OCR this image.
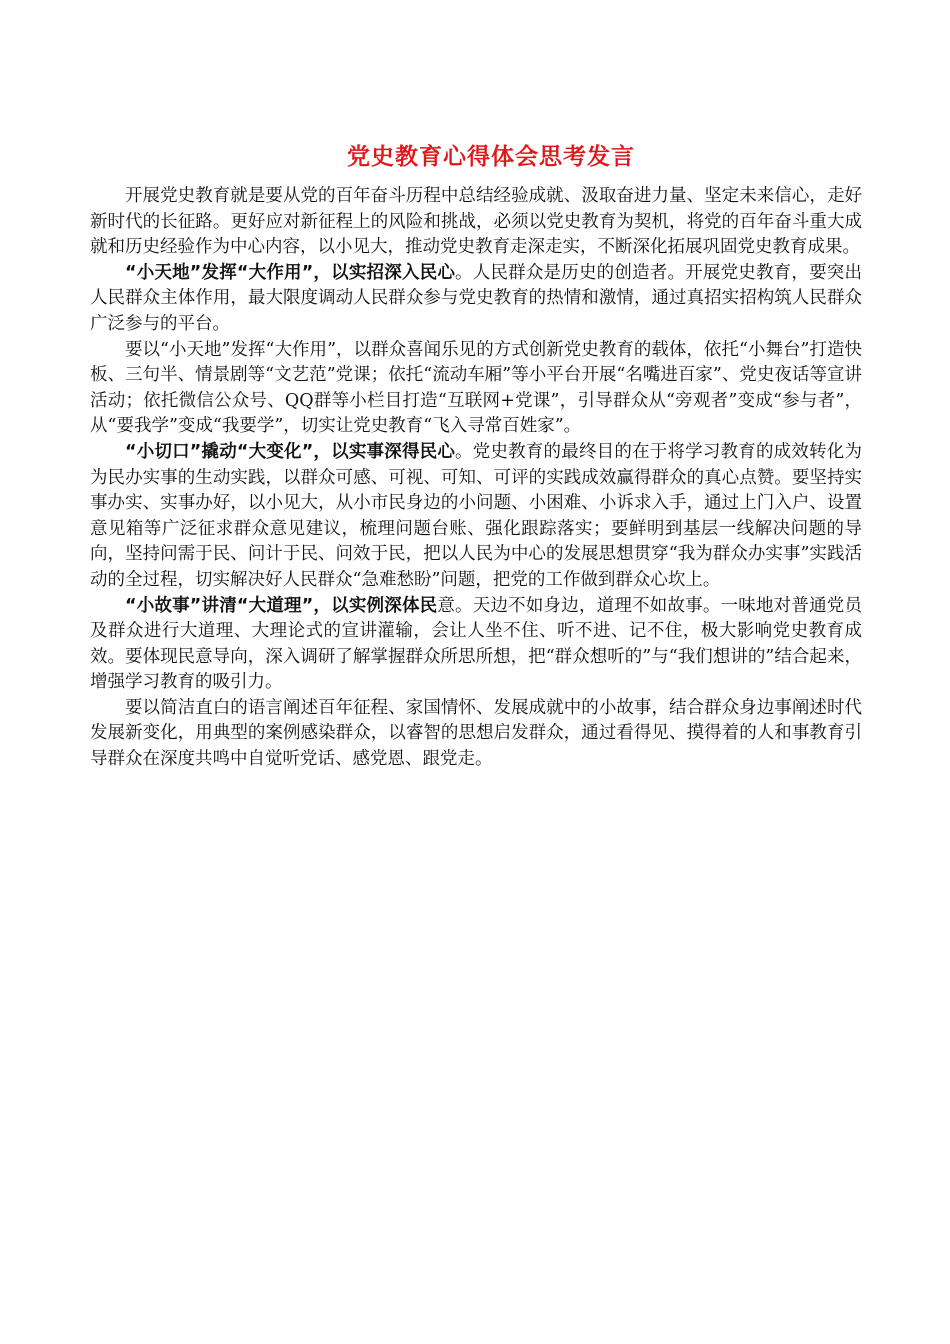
党史教育心得体会思考发言

开展党史教育就是要从党的百年奋斗历程中总结经验成就、汲取奋进力量、坚定未来信心，走好新时代的长征路。更好应对新征程上的风险和挑战，必须以党史教育为契机，将党的百年奋斗重大成就和历史经验作为中心内容，以小见大，推动党史教育走深走实，不断深化拓展巩固党史教育成果。

“小天地”发挥“大作用”，以实招深入民心。人民群众是历史的创造者。开展党史教育，要突出人民群众主体作用，最大限度调动人民群众参与党史教育的热情和激情，通过真招实招构筑人民群众广泛参与的平台。

要以“小天地”发挥“大作用”，以群众喜闻乐见的方式创新党史教育的载体，依托“小舞台”打造快板、三句半、情景剧等“文艺范”党课；依托“流动车厢”等小平台开展“名嘴进百家”、党史夜话等宣讲活动；依托微信公众号、QQ群等小栏目打造“互联网+党课”，引导群众从“旁观者”变成“参与者”，从“要我学”变成“我要学”，切实让党史教育“飞入寻常百姓家”。

“小切口”撬动“大变化”，以实事深得民心。党史教育的最终目的在于将学习教育的成效转化为为民办实事的生动实践，以群众可感、可视、可知、可评的实践成效赢得群众的真心点赞。要坚持实事办实、实事办好，以小见大，从小市民身边的小问题、小困难、小诉求入手，通过上门入户、设置意见箱等广泛征求群众意见建议，梳理问题台账、强化跟踪落实；要鲜明到基层一线解决问题的导向，坚持问需于民、问计于民、问效于民，把以人民为中心的发展思想贯穿“我为群众办实事”实践活动的全过程，切实解决好人民群众“急难愁盼”问题，把党的工作做到群众心坎上。

“小故事”讲清“大道理”，以实例深体民意。天边不如身边，道理不如故事。一味地对普通党员及群众进行大道理、大理论式的宣讲灌输，会让人坐不住、听不进、记不住，极大影响党史教育成效。要体现民意导向，深入调研了解掌握群众所思所想，把“群众想听的”与“我们想讲的”结合起来，增强学习教育的吸引力。

要以简洁直白的语言阐述百年征程、家国情怀、发展成就中的小故事，结合群众身边事阐述时代发展新变化，用典型的案例感染群众，以睿智的思想启发群众，通过看得见、摸得着的人和事教育引导群众在深度共鸣中自觉听党话、感党恩、跟党走。
